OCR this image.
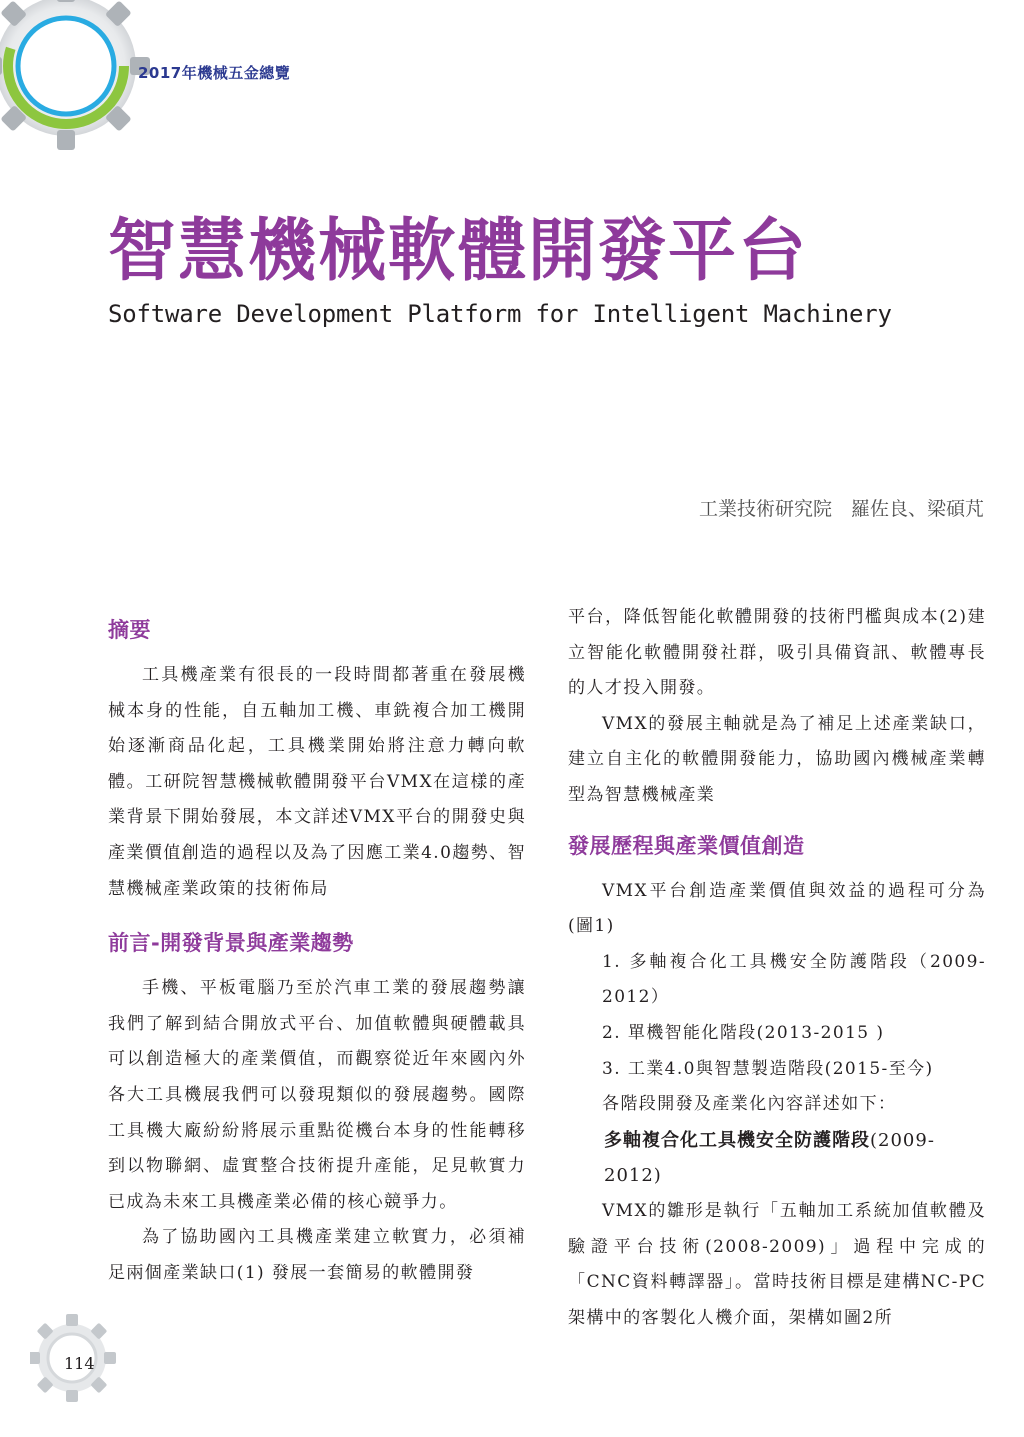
2017年機械五金總覽
智慧機械軟體開發平台
Software Development Platform for Intelligent Machinery
工業技術研究院　羅佐良、梁碩芃
摘要

工具機產業有很長的一段時間都著重在發展機械本身的性能，自五軸加工機、車銑複合加工機開始逐漸商品化起，工具機業開始將注意力轉向軟體。工研院智慧機械軟體開發平台VMX在這樣的產業背景下開始發展，本文詳述VMX平台的開發史與產業價值創造的過程以及為了因應工業4.0趨勢、智慧機械產業政策的技術佈局

前言-開發背景與產業趨勢

手機、平板電腦乃至於汽車工業的發展趨勢讓我們了解到結合開放式平台、加值軟體與硬體載具可以創造極大的產業價值，而觀察從近年來國內外各大工具機展我們可以發現類似的發展趨勢。國際工具機大廠紛紛將展示重點從機台本身的性能轉移到以物聯網、虛實整合技術提升產能，足見軟實力已成為未來工具機產業必備的核心競爭力。

為了協助國內工具機產業建立軟實力，必須補足兩個產業缺口(1) 發展一套簡易的軟體開發

平台，降低智能化軟體開發的技術門檻與成本(2)建立智能化軟體開發社群，吸引具備資訊、軟體專長的人才投入開發。

VMX的發展主軸就是為了補足上述產業缺口，建立自主化的軟體開發能力，協助國內機械產業轉型為智慧機械產業

發展歷程與產業價值創造

VMX平台創造產業價值與效益的過程可分為(圖1)

1. 多軸複合化工具機安全防護階段（2009-2012）

2. 單機智能化階段(2013-2015 )

3. 工業4.0與智慧製造階段(2015-至今)

各階段開發及產業化內容詳述如下：

多軸複合化工具機安全防護階段(2009-2012)

VMX的雛形是執行「五軸加工系統加值軟體及驗證平台技術(2008-2009)」過程中完成的「CNC資料轉譯器」。當時技術目標是建構NC-PC架構中的客製化人機介面，架構如圖2所

114
